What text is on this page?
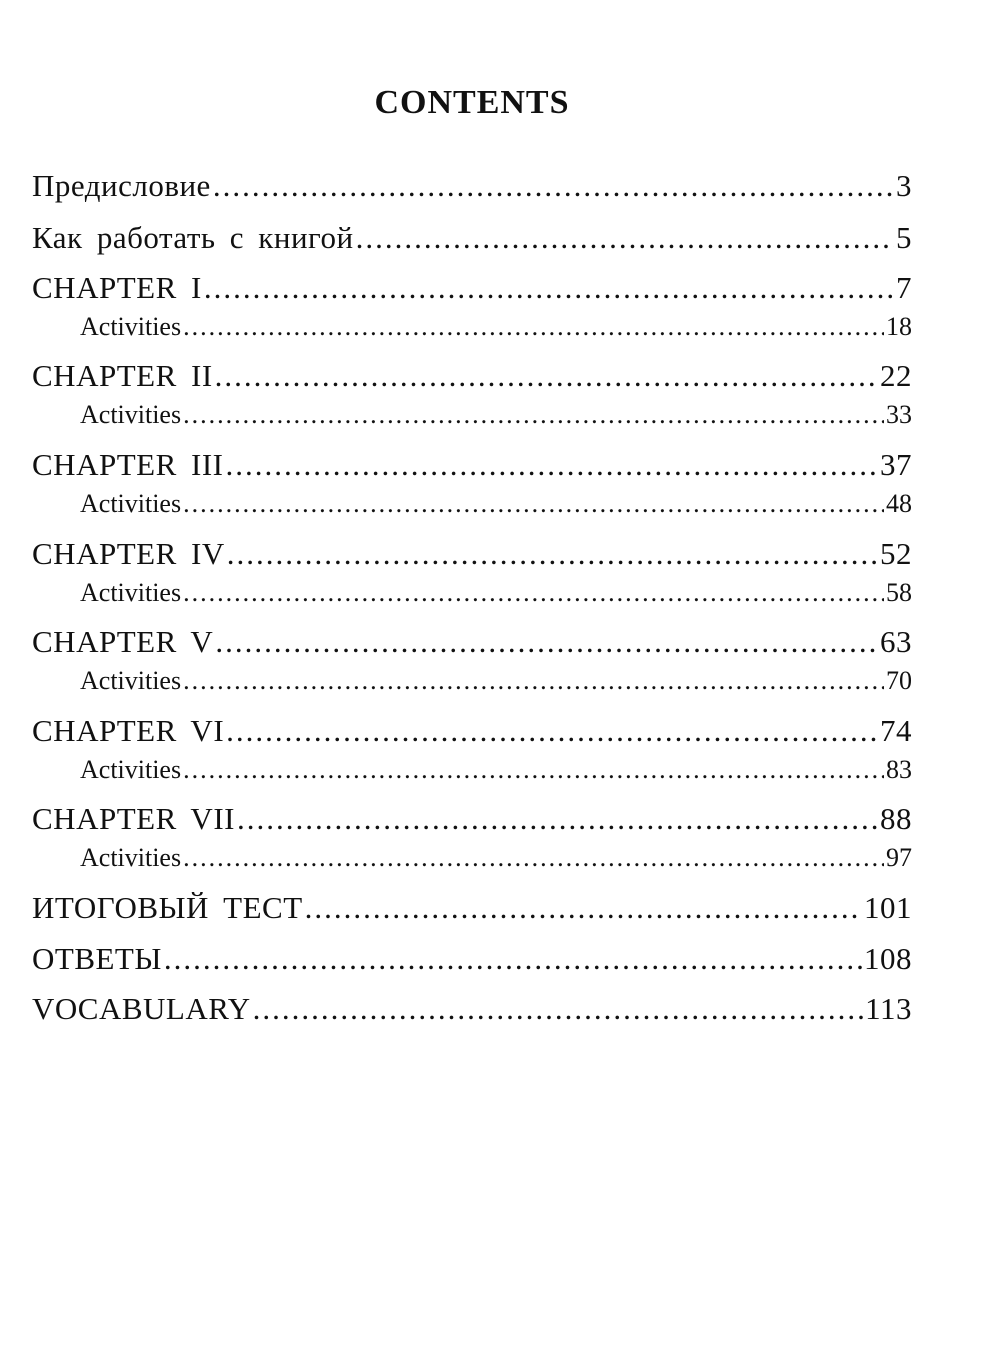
CONTENTS
Предисловие .....	3
Как работать с книгой .....	5
CHAPTER I .....	7
Activities .....	18
CHAPTER II .....	22
Activities .....	33
CHAPTER III .....	37
Activities .....	48
CHAPTER IV .....	52
Activities .....	58
CHAPTER V .....	63
Activities .....	70
CHAPTER VI .....	74
Activities .....	83
CHAPTER VII .....	88
Activities .....	97
ИТОГОВЫЙ ТЕСТ .....	101
ОТВЕТЫ .....	108
VOCABULARY .....	113
